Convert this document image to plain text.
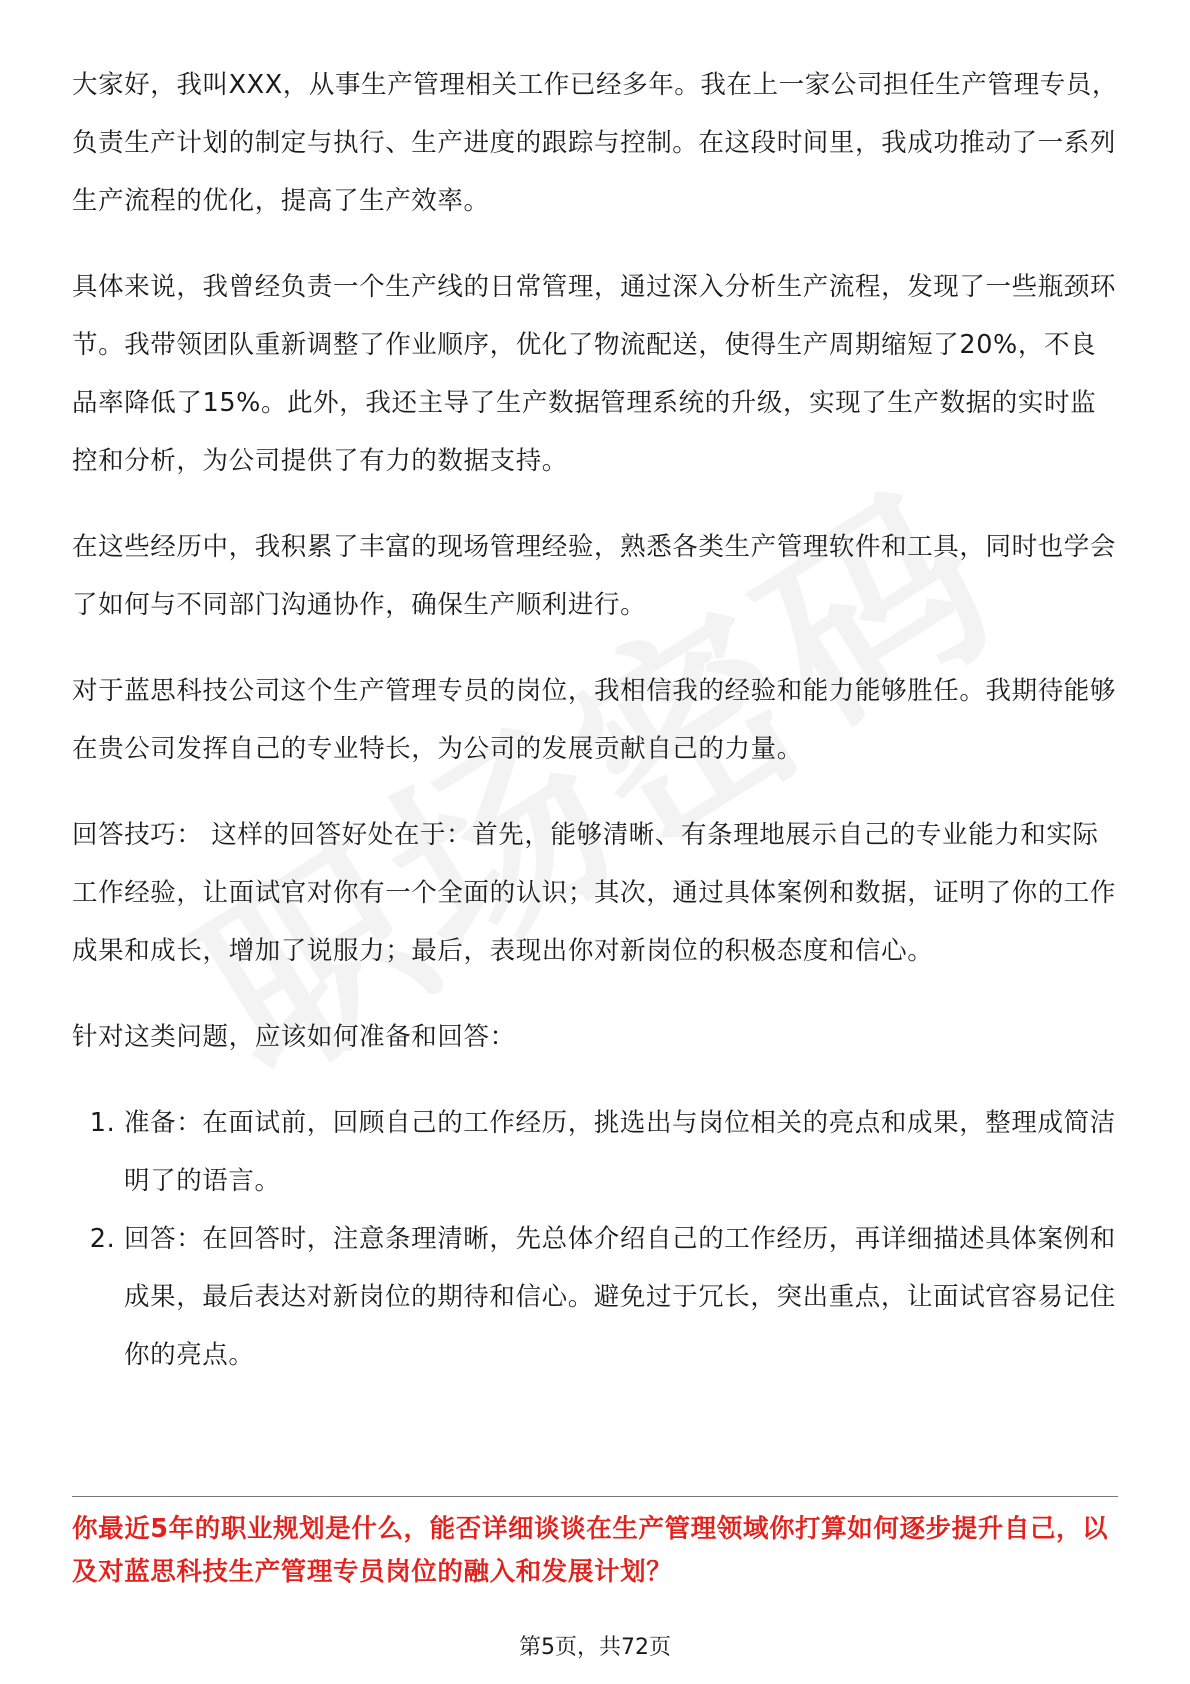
大家好，我叫XXX，从事生产管理相关工作已经多年。我在上一家公司担任生产管理专员，负责生产计划的制定与执行、生产进度的跟踪与控制。在这段时间里，我成功推动了一系列生产流程的优化，提高了生产效率。

具体来说，我曾经负责一个生产线的日常管理，通过深入分析生产流程，发现了一些瓶颈环节。我带领团队重新调整了作业顺序，优化了物流配送，使得生产周期缩短了20%，不良品率降低了15%。此外，我还主导了生产数据管理系统的升级，实现了生产数据的实时监控和分析，为公司提供了有力的数据支持。

在这些经历中，我积累了丰富的现场管理经验，熟悉各类生产管理软件和工具，同时也学会了如何与不同部门沟通协作，确保生产顺利进行。

对于蓝思科技公司这个生产管理专员的岗位，我相信我的经验和能力能够胜任。我期待能够在贵公司发挥自己的专业特长，为公司的发展贡献自己的力量。

回答技巧： 这样的回答好处在于：首先，能够清晰、有条理地展示自己的专业能力和实际工作经验，让面试官对你有一个全面的认识；其次，通过具体案例和数据，证明了你的工作成果和成长，增加了说服力；最后，表现出你对新岗位的积极态度和信心。

针对这类问题，应该如何准备和回答：

1. 准备：在面试前，回顾自己的工作经历，挑选出与岗位相关的亮点和成果，整理成简洁明了的语言。
2. 回答：在回答时，注意条理清晰，先总体介绍自己的工作经历，再详细描述具体案例和成果，最后表达对新岗位的期待和信心。避免过于冗长，突出重点，让面试官容易记住你的亮点。
你最近5年的职业规划是什么，能否详细谈谈在生产管理领域你打算如何逐步提升自己，以及对蓝思科技生产管理专员岗位的融入和发展计划？
第5页，共72页
